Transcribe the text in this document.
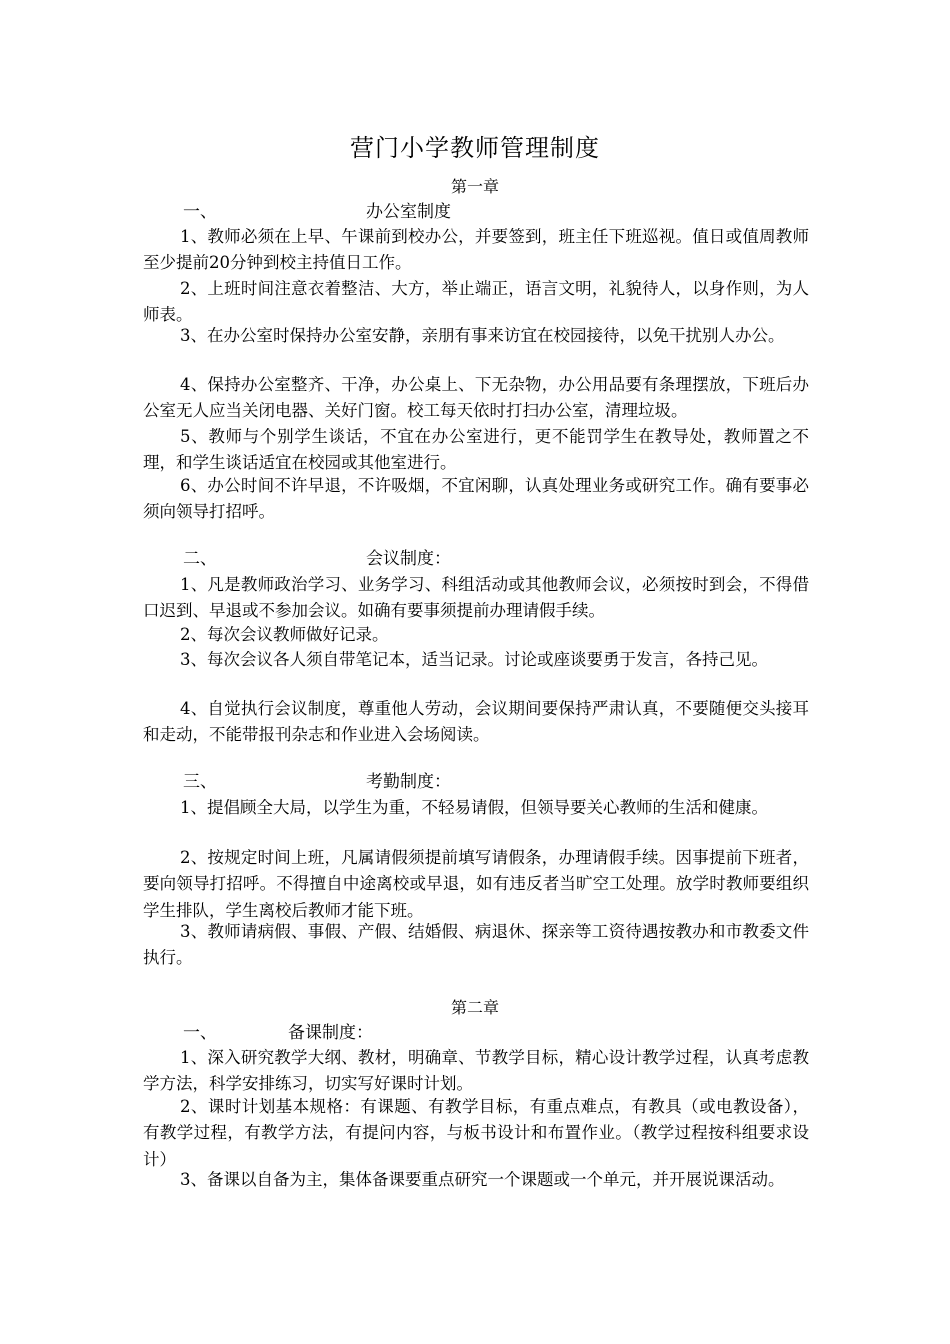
营门小学教师管理制度
第一章
一、	办公室制度
1、教师必须在上早、午课前到校办公，并要签到，班主任下班巡视。值日或值周教师至少提前20分钟到校主持值日工作。
2、上班时间注意衣着整洁、大方，举止端正，语言文明，礼貌待人，以身作则，为人师表。
3、在办公室时保持办公室安静，亲朋有事来访宜在校园接待，以免干扰别人办公。
4、保持办公室整齐、干净，办公桌上、下无杂物，办公用品要有条理摆放，下班后办公室无人应当关闭电器、关好门窗。校工每天依时打扫办公室，清理垃圾。
5、教师与个别学生谈话，不宜在办公室进行，更不能罚学生在教导处，教师置之不理，和学生谈话适宜在校园或其他室进行。
6、办公时间不许早退，不许吸烟，不宜闲聊，认真处理业务或研究工作。确有要事必须向领导打招呼。
二、	会议制度：
1、凡是教师政治学习、业务学习、科组活动或其他教师会议，必须按时到会，不得借口迟到、早退或不参加会议。如确有要事须提前办理请假手续。
2、每次会议教师做好记录。
3、每次会议各人须自带笔记本，适当记录。讨论或座谈要勇于发言，各持己见。
4、自觉执行会议制度，尊重他人劳动，会议期间要保持严肃认真，不要随便交头接耳和走动，不能带报刊杂志和作业进入会场阅读。
三、	考勤制度：
1、提倡顾全大局，以学生为重，不轻易请假，但领导要关心教师的生活和健康。
2、按规定时间上班，凡属请假须提前填写请假条，办理请假手续。因事提前下班者，要向领导打招呼。不得擅自中途离校或早退，如有违反者当旷空工处理。放学时教师要组织学生排队，学生离校后教师才能下班。
3、教师请病假、事假、产假、结婚假、病退休、探亲等工资待遇按教办和市教委文件执行。
第二章
一、	备课制度：
1、深入研究教学大纲、教材，明确章、节教学目标，精心设计教学过程，认真考虑教学方法，科学安排练习，切实写好课时计划。
2、课时计划基本规格：有课题、有教学目标，有重点难点，有教具（或电教设备），有教学过程，有教学方法，有提问内容，与板书设计和布置作业。（教学过程按科组要求设计）
3、备课以自备为主，集体备课要重点研究一个课题或一个单元，并开展说课活动。
